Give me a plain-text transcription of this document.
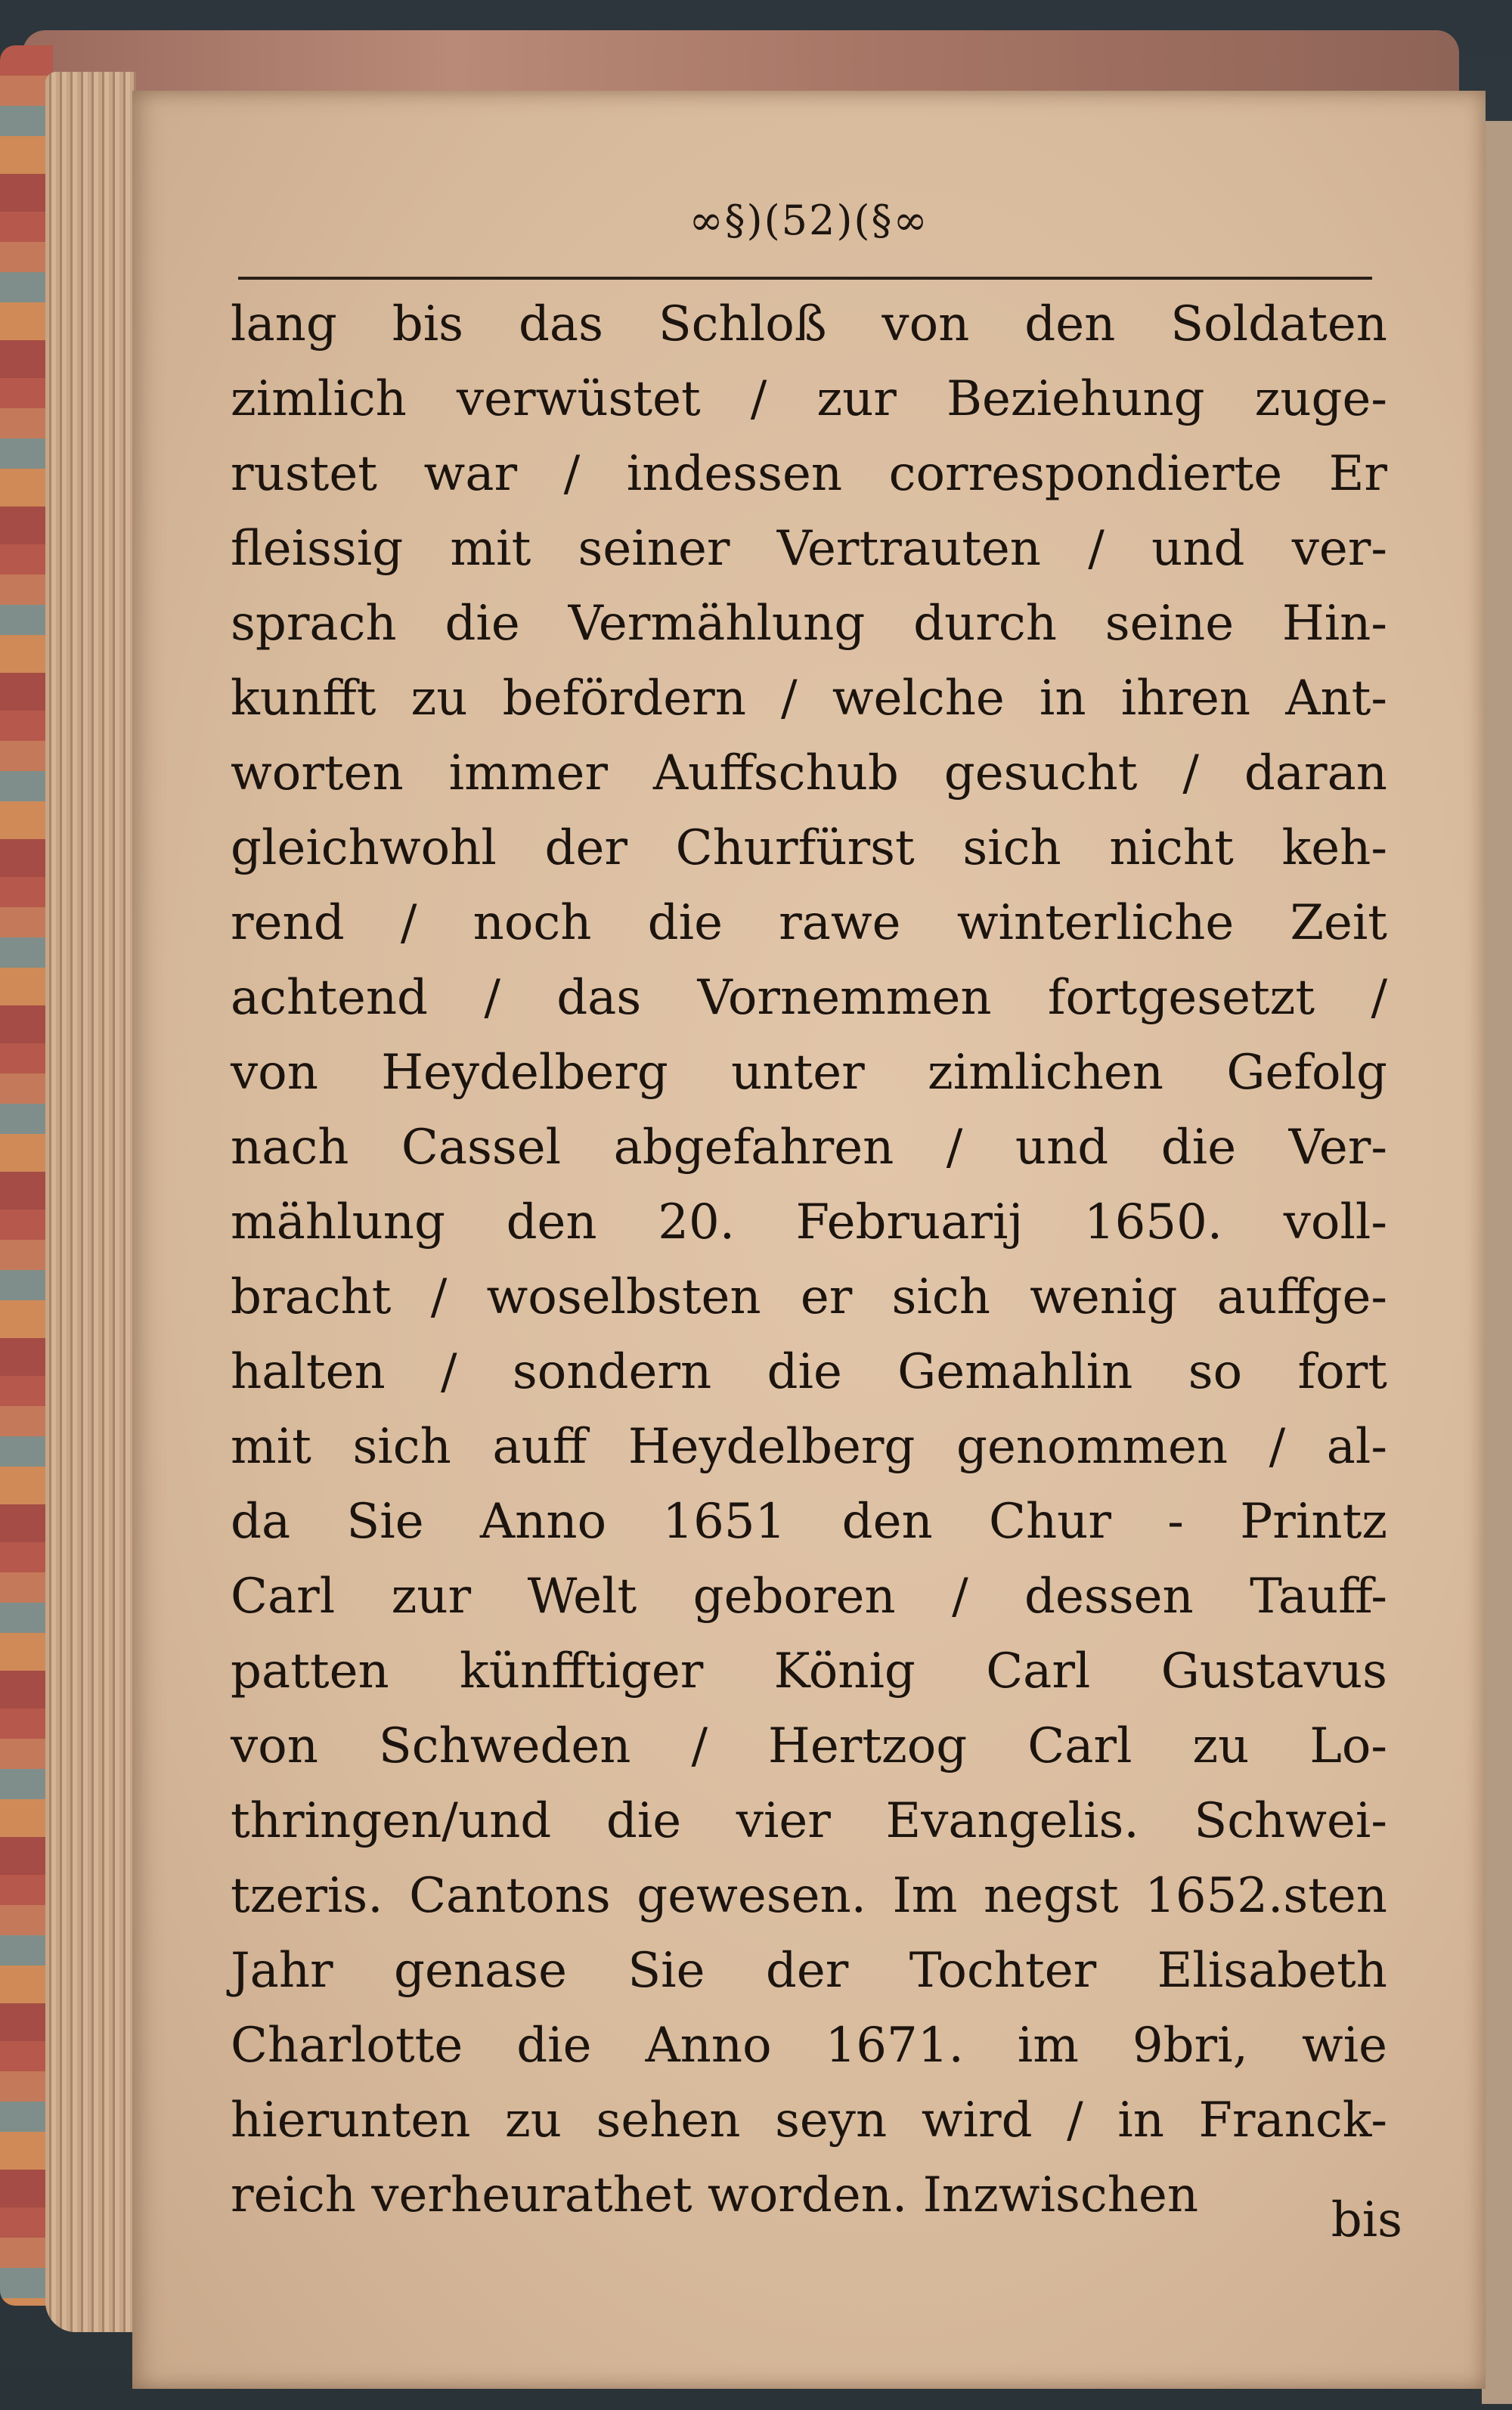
∞§)(52)(§∞
lang bis das Schloß von den Soldaten
zimlich verwüstet / zur Beziehung zuge-
rustet war / indessen correspondierte Er
fleissig mit seiner Vertrauten / und ver-
sprach die Vermählung durch seine Hin-
kunfft zu befördern / welche in ihren Ant-
worten immer Auffschub gesucht / daran
gleichwohl der Churfürst sich nicht keh-
rend / noch die rawe winterliche Zeit
achtend / das Vornemmen fortgesetzt /
von Heydelberg unter zimlichen Gefolg
nach Cassel abgefahren / und die Ver-
mählung den 20. Februarij 1650. voll-
bracht / woselbsten er sich wenig auffge-
halten / sondern die Gemahlin so fort
mit sich auff Heydelberg genommen / al-
da Sie Anno 1651 den Chur - Printz
Carl zur Welt geboren / dessen Tauff-
patten künfftiger König Carl Gustavus
von Schweden / Hertzog Carl zu Lo-
thringen/und die vier Evangelis. Schwei-
tzeris. Cantons gewesen. Im negst 1652.sten
Jahr genase Sie der Tochter Elisabeth
Charlotte die Anno 1671. im 9bri, wie
hierunten zu sehen seyn wird / in Franck-
reich verheurathet worden. Inzwischen	bis
